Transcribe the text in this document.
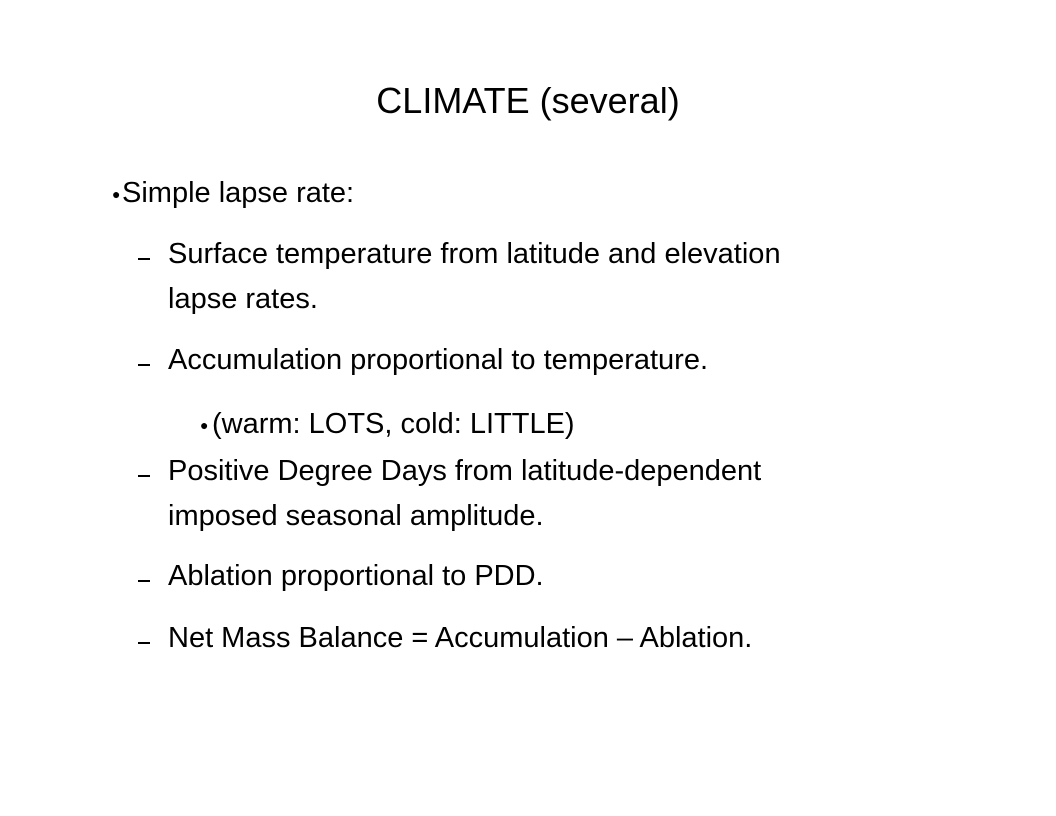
CLIMATE (several)
● Simple lapse rate:
Surface temperature from latitude and elevation
lapse rates.
Accumulation proportional to temperature.
● (warm: LOTS, cold: LITTLE)
Positive Degree Days from latitude-dependent
imposed seasonal amplitude.
Ablation proportional to PDD.
Net Mass Balance = Accumulation – Ablation.
